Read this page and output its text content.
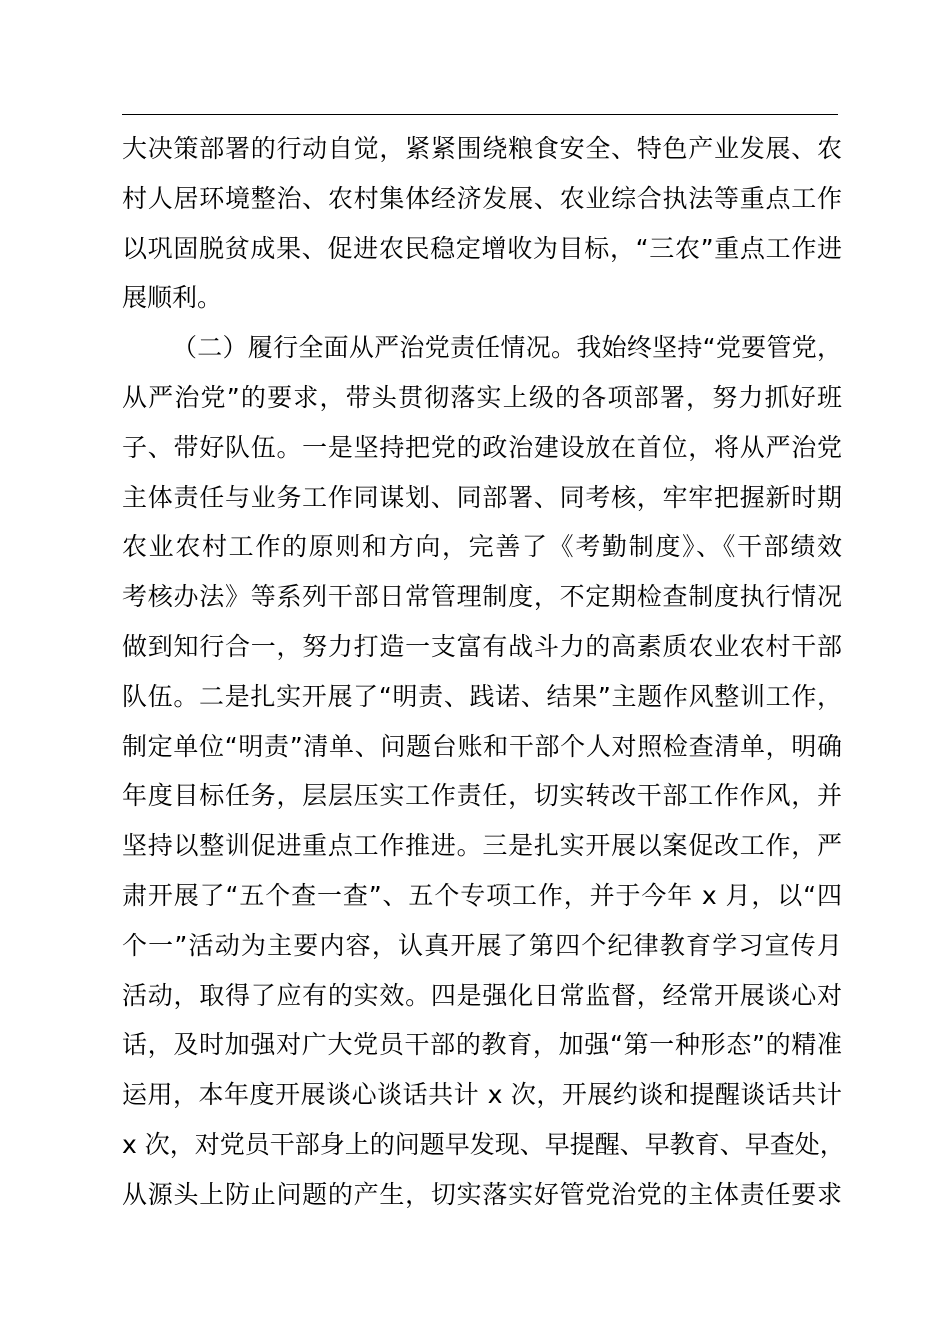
大决策部署的行动自觉，紧紧围绕粮食安全、特色产业发展、农
村人居环境整治、农村集体经济发展、农业综合执法等重点工作
以巩固脱贫成果、促进农民稳定增收为目标，“三农”重点工作进
展顺利。
（二）履行全面从严治党责任情况。我始终坚持“党要管党，
从严治党”的要求，带头贯彻落实上级的各项部署，努力抓好班
子、带好队伍。一是坚持把党的政治建设放在首位，将从严治党
主体责任与业务工作同谋划、同部署、同考核，牢牢把握新时期
农业农村工作的原则和方向，完善了《考勤制度》、《干部绩效
考核办法》等系列干部日常管理制度，不定期检查制度执行情况
做到知行合一，努力打造一支富有战斗力的高素质农业农村干部
队伍。二是扎实开展了“明责、践诺、结果”主题作风整训工作，
制定单位“明责”清单、问题台账和干部个人对照检查清单，明确
年度目标任务，层层压实工作责任，切实转改干部工作作风，并
坚持以整训促进重点工作推进。三是扎实开展以案促改工作，严
肃开展了“五个查一查”、五个专项工作，并于今年 x 月，以“四
个一”活动为主要内容，认真开展了第四个纪律教育学习宣传月
活动，取得了应有的实效。四是强化日常监督，经常开展谈心对
话，及时加强对广大党员干部的教育，加强“第一种形态”的精准
运用，本年度开展谈心谈话共计 x 次，开展约谈和提醒谈话共计
x 次，对党员干部身上的问题早发现、早提醒、早教育、早查处，
从源头上防止问题的产生，切实落实好管党治党的主体责任要求
